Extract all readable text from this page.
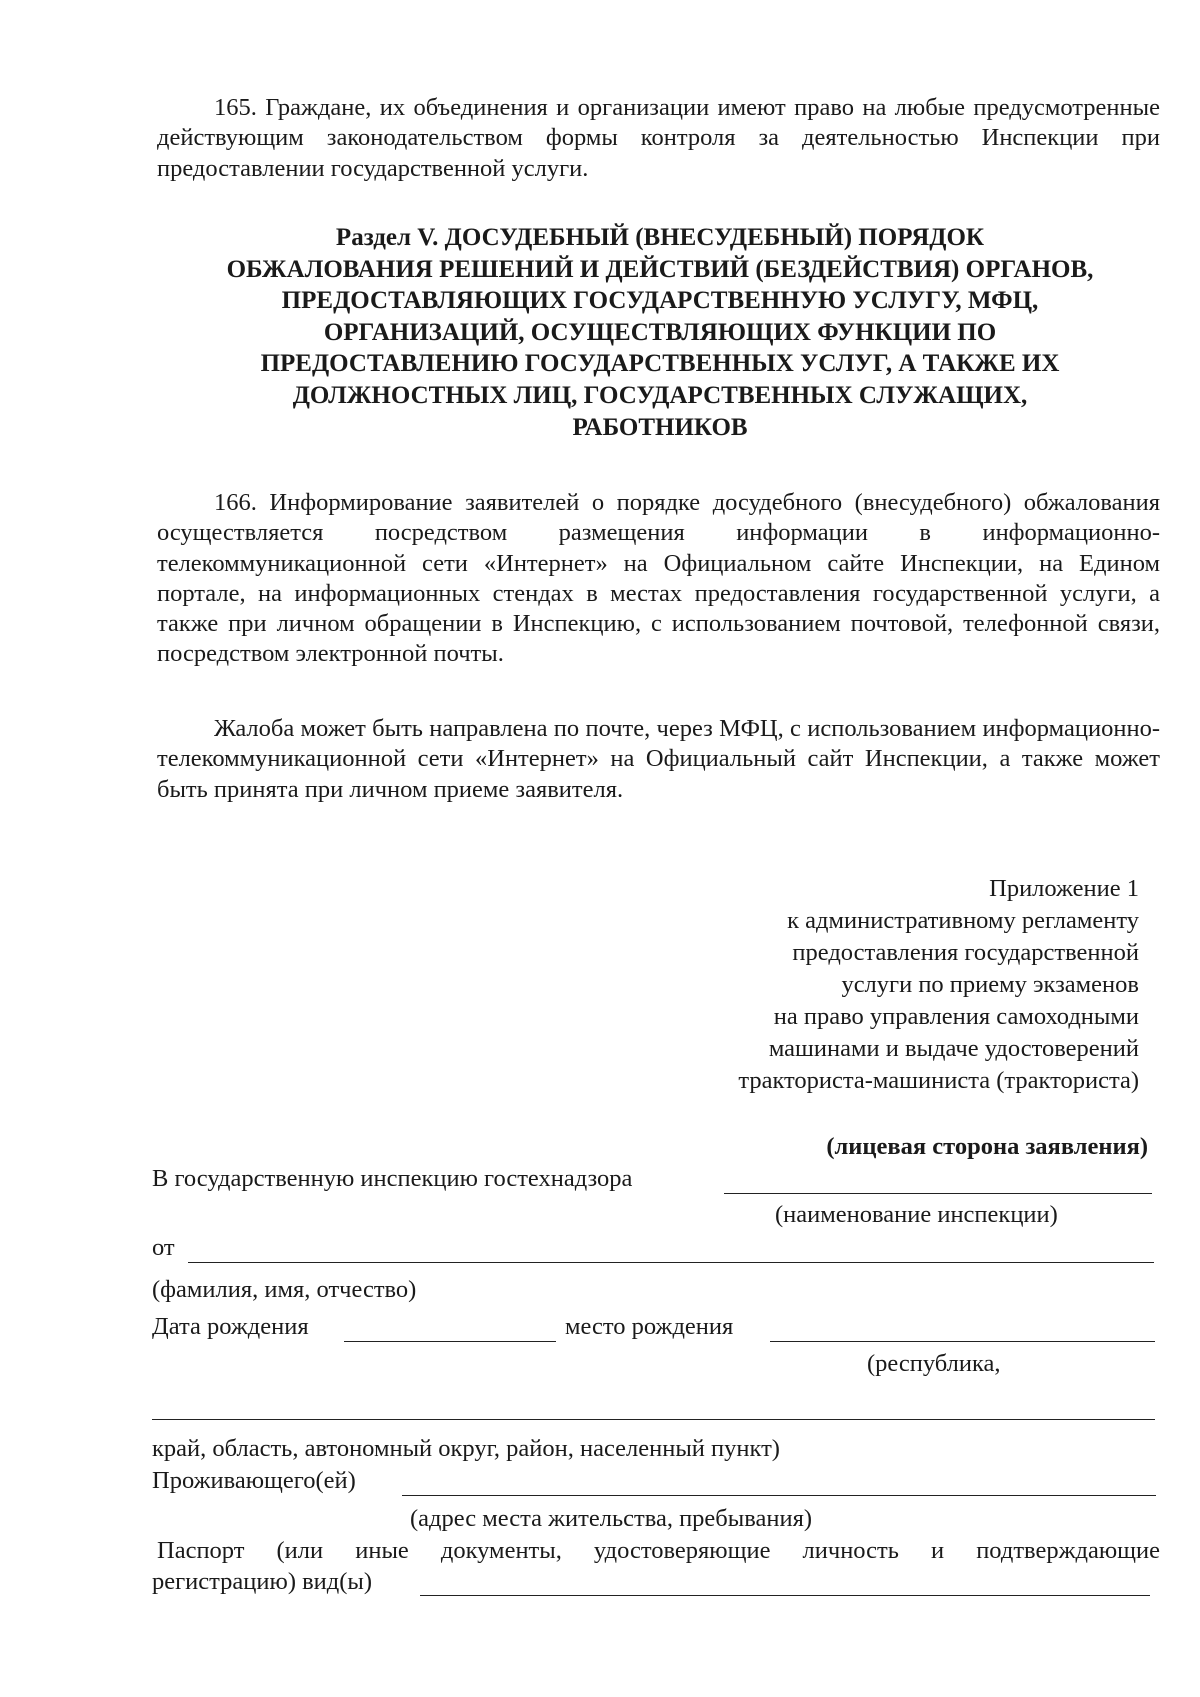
165. Граждане, их объединения и организации имеют право на любые предусмотренные действующим законодательством формы контроля за деятельностью Инспекции при предоставлении государственной услуги.

Раздел V. ДОСУДЕБНЫЙ (ВНЕСУДЕБНЫЙ) ПОРЯДОК
ОБЖАЛОВАНИЯ РЕШЕНИЙ И ДЕЙСТВИЙ (БЕЗДЕЙСТВИЯ) ОРГАНОВ,
ПРЕДОСТАВЛЯЮЩИХ ГОСУДАРСТВЕННУЮ УСЛУГУ, МФЦ,
ОРГАНИЗАЦИЙ, ОСУЩЕСТВЛЯЮЩИХ ФУНКЦИИ ПО
ПРЕДОСТАВЛЕНИЮ ГОСУДАРСТВЕННЫХ УСЛУГ, А ТАКЖЕ ИХ
ДОЛЖНОСТНЫХ ЛИЦ, ГОСУДАРСТВЕННЫХ СЛУЖАЩИХ,
РАБОТНИКОВ

166. Информирование заявителей о порядке досудебного (внесудебного) обжалования осуществляется посредством размещения информации в информационно-телекоммуникационной сети «Интернет» на Официальном сайте Инспекции, на Едином портале, на информационных стендах в местах предоставления государственной услуги, а также при личном обращении в Инспекцию, с использованием почтовой, телефонной связи, посредством электронной почты.

Жалоба может быть направлена по почте, через МФЦ, с использованием информационно-телекоммуникационной сети «Интернет» на Официальный сайт Инспекции, а также может быть принята при личном приеме заявителя.

Приложение 1
к административному регламенту
предоставления государственной
услуги по приему экзаменов
на право управления самоходными
машинами и выдаче удостоверений
тракториста-машиниста (тракториста)
(лицевая сторона заявления)
В государственную инспекцию гостехнадзора
(наименование инспекции)
от
(фамилия, имя, отчество)
Дата рождения	место рождения
(республика,
край, область, автономный округ, район, населенный пункт)
Проживающего(ей)
(адрес места жительства, пребывания)
Паспорт (или иные документы, удостоверяющие личность и подтверждающие
регистрацию) вид(ы)
